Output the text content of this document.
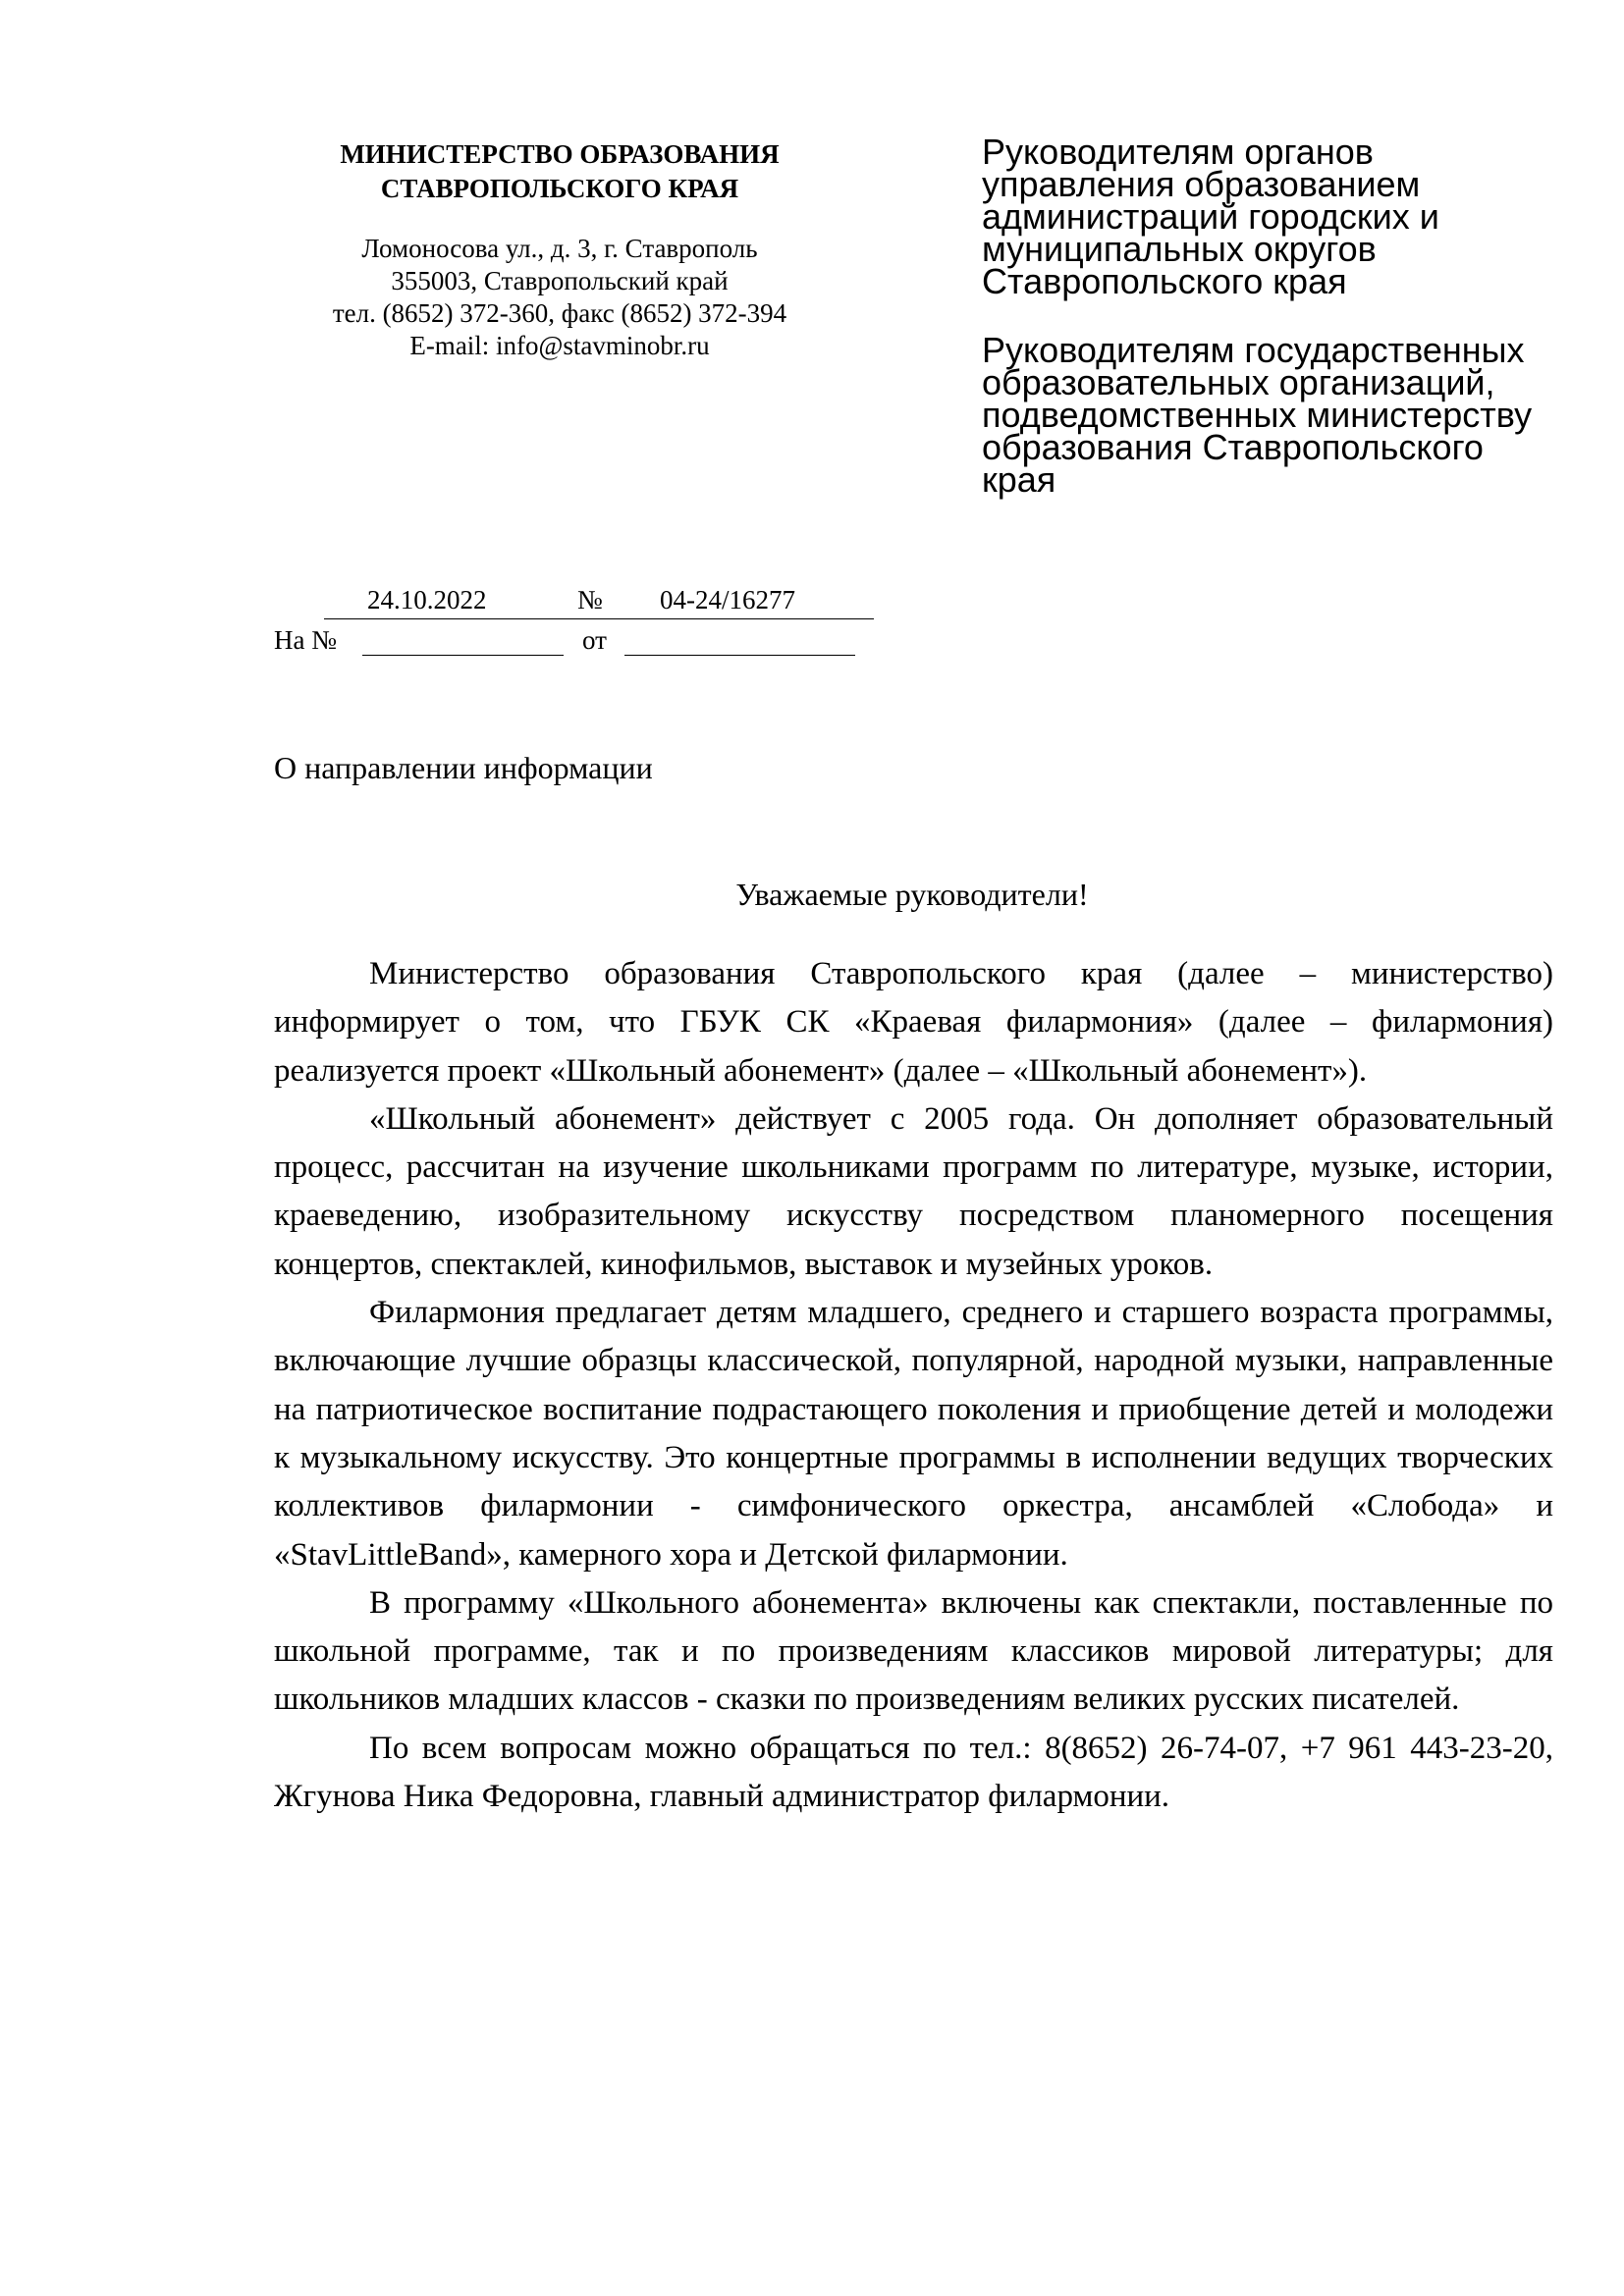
МИНИСТЕРСТВО ОБРАЗОВАНИЯ
СТАВРОПОЛЬСКОГО КРАЯ
Ломоносова ул., д. 3, г. Ставрополь
355003, Ставропольский край
тел. (8652) 372-360, факс (8652) 372-394
E-mail: info@stavminobr.ru
Руководителям органов
управления образованием
администраций городских и
муниципальных округов
Ставропольского края
Руководителям государственных
образовательных организаций,
подведомственных министерству
образования Ставропольского
края
24.10.2022	№ 04-24/16277
На №	от
О направлении информации
Уважаемые руководители!

Министерство образования Ставропольского края (далее – министерство) информирует о том, что ГБУК СК «Краевая филармония» (далее – филармония) реализуется проект «Школьный абонемент» (далее – «Школьный абонемент»).

«Школьный абонемент» действует с 2005 года. Он дополняет образовательный процесс, рассчитан на изучение школьниками программ по литературе, музыке, истории, краеведению, изобразительному искусству посредством планомерного посещения концертов, спектаклей, кинофильмов, выставок и музейных уроков.

Филармония предлагает детям младшего, среднего и старшего возраста программы, включающие лучшие образцы классической, популярной, народной музыки, направленные на патриотическое воспитание подрастающего поколения и приобщение детей и молодежи к музыкальному искусству. Это концертные программы в исполнении ведущих творческих коллективов филармонии - симфонического оркестра, ансамблей «Слобода» и «StavLittleBand», камерного хора и Детской филармонии.

В программу «Школьного абонемента» включены как спектакли, поставленные по школьной программе, так и по произведениям классиков мировой литературы; для школьников младших классов - сказки по произведениям великих русских писателей.

По всем вопросам можно обращаться по тел.: 8(8652) 26-74-07, +7 961 443-23-20, Жгунова Ника Федоровна, главный администратор филармонии.
